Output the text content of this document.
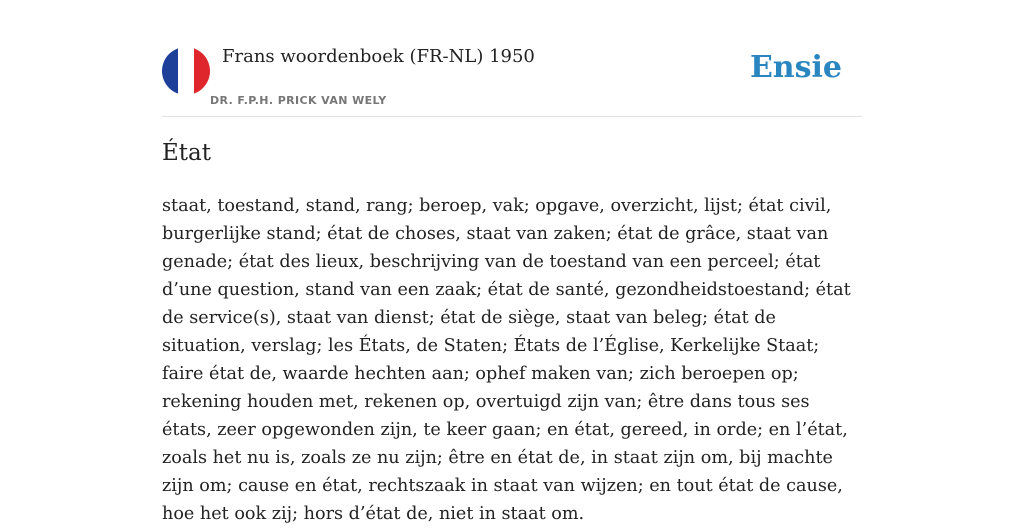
Frans woordenboek (FR-NL) 1950
DR. F.P.H. PRICK VAN WELY
Ensie
État

staat, toestand, stand, rang; beroep, vak; opgave, overzicht, lijst; état civil, burgerlijke stand; état de choses, staat van zaken; état de grâce, staat van genade; état des lieux, beschrijving van de toestand van een perceel; état d’une question, stand van een zaak; état de santé, gezondheidstoestand; état de service(s), staat van dienst; état de siège, staat van beleg; état de situation, verslag; les États, de Staten; États de l’Église, Kerkelijke Staat; faire état de, waarde hechten aan; ophef maken van; zich beroepen op; rekening houden met, rekenen op, overtuigd zijn van; être dans tous ses états, zeer opgewonden zijn, te keer gaan; en état, gereed, in orde; en l’état, zoals het nu is, zoals ze nu zijn; être en état de, in staat zijn om, bij machte zijn om; cause en état, rechtszaak in staat van wijzen; en tout état de cause, hoe het ook zij; hors d’état de, niet in staat om.
